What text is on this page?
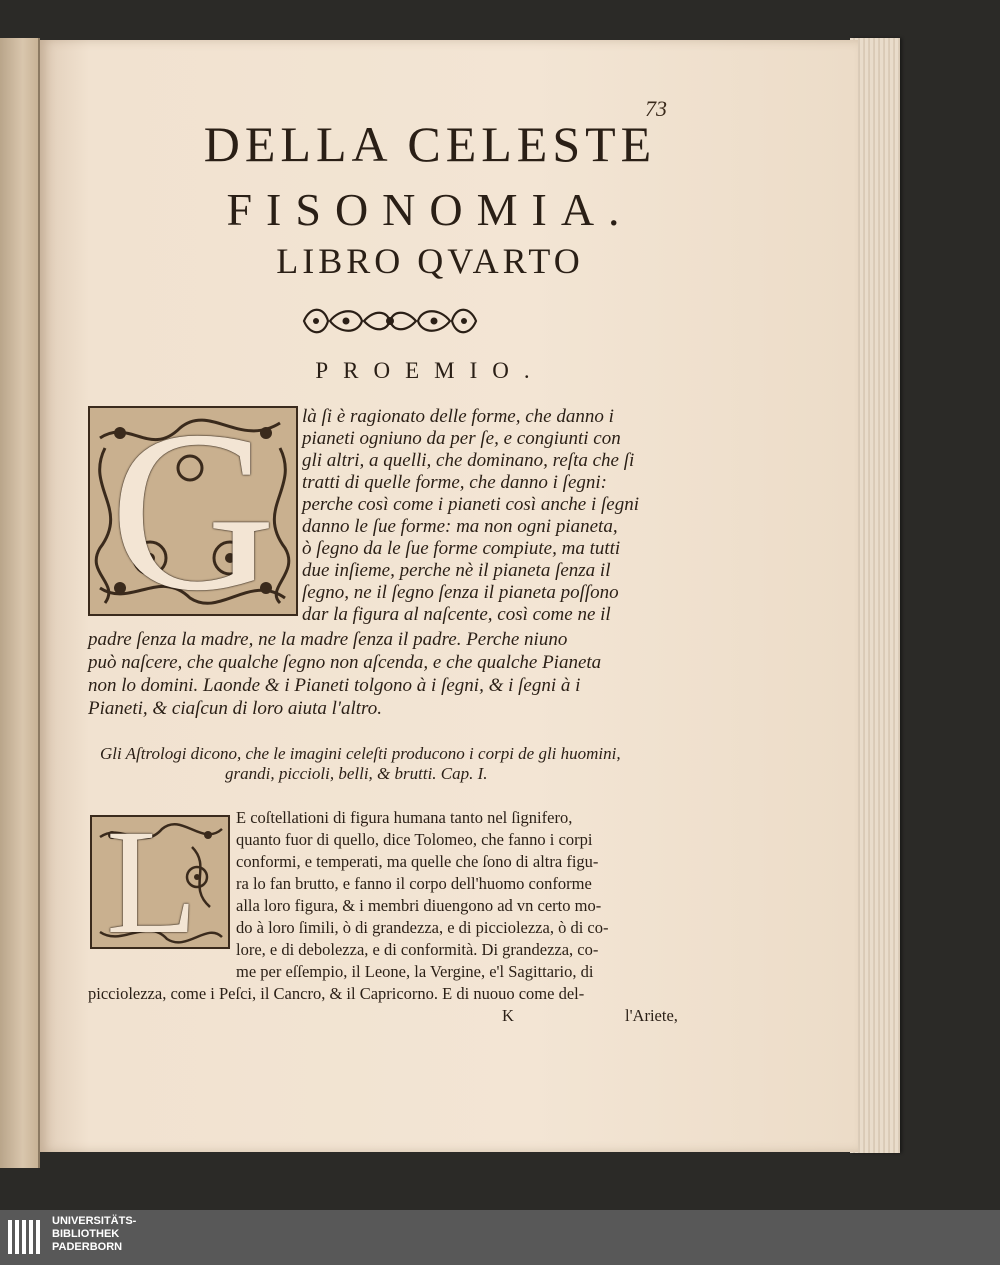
73
DELLA CELESTE
FISONOMIA.
LIBRO QVARTO
PROEMIO.
G	là ſi è ragionato delle forme, che danno i

pianeti ogniuno da per ſe, e congiunti con

gli altri, a quelli, che dominano, reſta che ſi

tratti di quelle forme, che danno i ſegni:

perche così come i pianeti così anche i ſegni

danno le ſue forme: ma non ogni pianeta,

ò ſegno da le ſue forme compiute, ma tutti

due inſieme, perche nè il pianeta ſenza il

ſegno, ne il ſegno ſenza il pianeta poſſono

dar la figura al naſcente, così come ne il

padre ſenza la madre, ne la madre ſenza il padre. Perche niuno

può naſcere, che qualche ſegno non aſcenda, e che qualche Pianeta

non lo domini. Laonde & i Pianeti tolgono à i ſegni, & i ſegni à i

Pianeti, & ciaſcun di loro aiuta l'altro.

Gli Aſtrologi dicono, che le imagini celeſti producono i corpi de gli huomini,

grandi, piccioli, belli, & brutti. Cap. I.

L	E coſtellationi di figura humana tanto nel ſignifero,

quanto fuor di quello, dice Tolomeo, che fanno i corpi

conformi, e temperati, ma quelle che ſono di altra figu-

ra lo fan brutto, e fanno il corpo dell'huomo conforme

alla loro figura, & i membri diuengono ad vn certo mo-

do à loro ſimili, ò di grandezza, e di picciolezza, ò di co-

lore, e di debolezza, e di conformità. Di grandezza, co-

me per eſſempio, il Leone, la Vergine, e'l Sagittario, di

picciolezza, come i Peſci, il Cancro, & il Capricorno. E di nuouo come del-

K	l'Ariete,
UNIVERSITÄTS-
BIBLIOTHEK
PADERBORN
